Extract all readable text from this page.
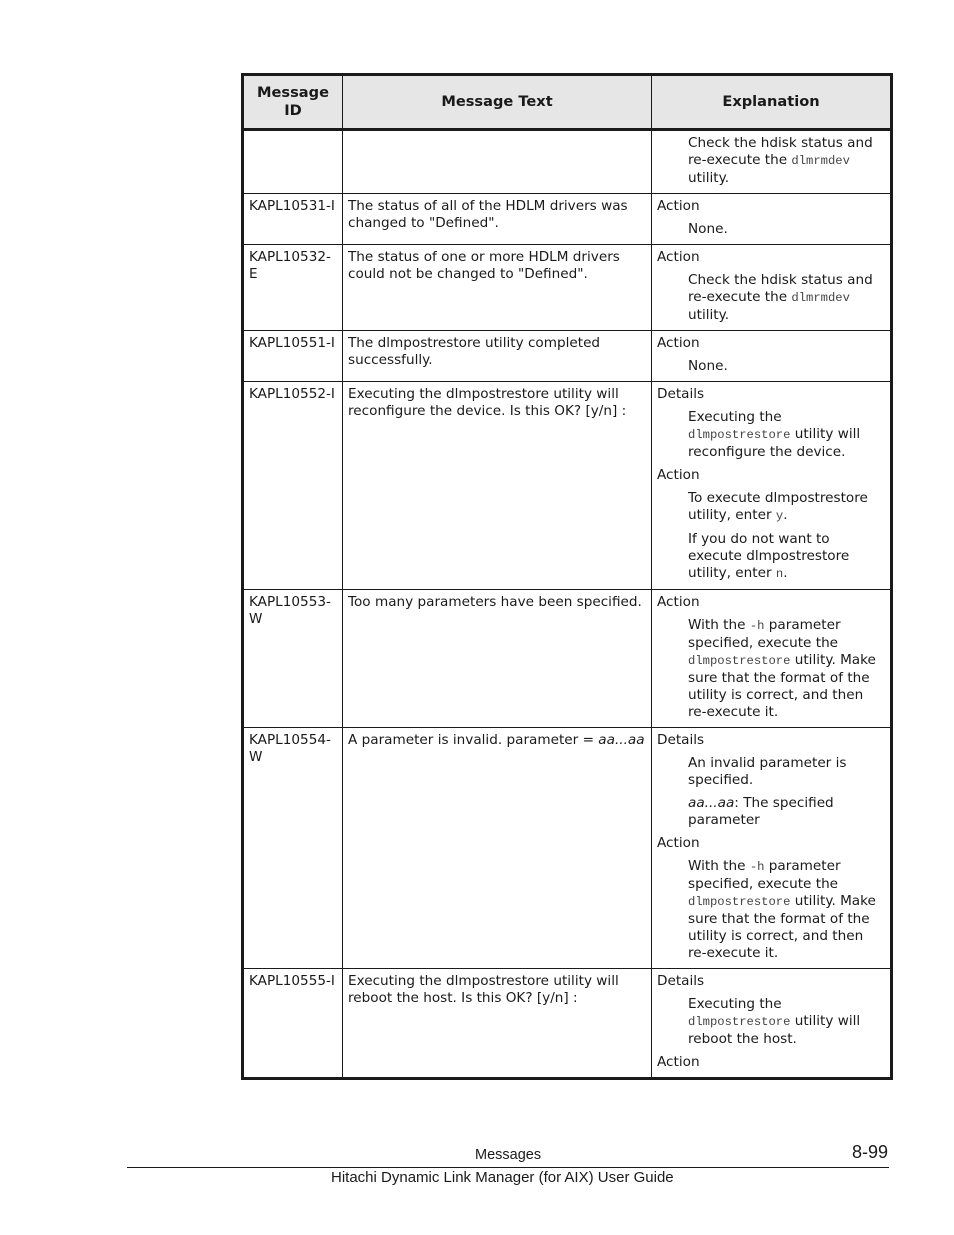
Message ID	Message Text	Explanation

		Check the hdisk status and re-execute the dlmrmdev utility.

KAPL10531-I	The status of all of the HDLM drivers was changed to "Defined".	Action
None.

KAPL10532-E	The status of one or more HDLM drivers could not be changed to "Defined".	Action
Check the hdisk status and re-execute the dlmrmdev utility.

KAPL10551-I	The dlmpostrestore utility completed successfully.	Action
None.

KAPL10552-I	Executing the dlmpostrestore utility will reconfigure the device. Is this OK? [y/n] :	Details
Executing the dlmpostrestore utility will reconfigure the device.
Action
To execute dlmpostrestore utility, enter y.
If you do not want to execute dlmpostrestore utility, enter n.

KAPL10553-W	Too many parameters have been specified.	Action
With the -h parameter specified, execute the dlmpostrestore utility. Make sure that the format of the utility is correct, and then re-execute it.

KAPL10554-W	A parameter is invalid. parameter = aa...aa	Details
An invalid parameter is specified.
aa...aa: The specified parameter
Action
With the -h parameter specified, execute the dlmpostrestore utility. Make sure that the format of the utility is correct, and then re-execute it.

KAPL10555-I	Executing the dlmpostrestore utility will reboot the host. Is this OK? [y/n] :	Details
Executing the dlmpostrestore utility will reboot the host.
Action
Messages	8-99
Hitachi Dynamic Link Manager (for AIX) User Guide
